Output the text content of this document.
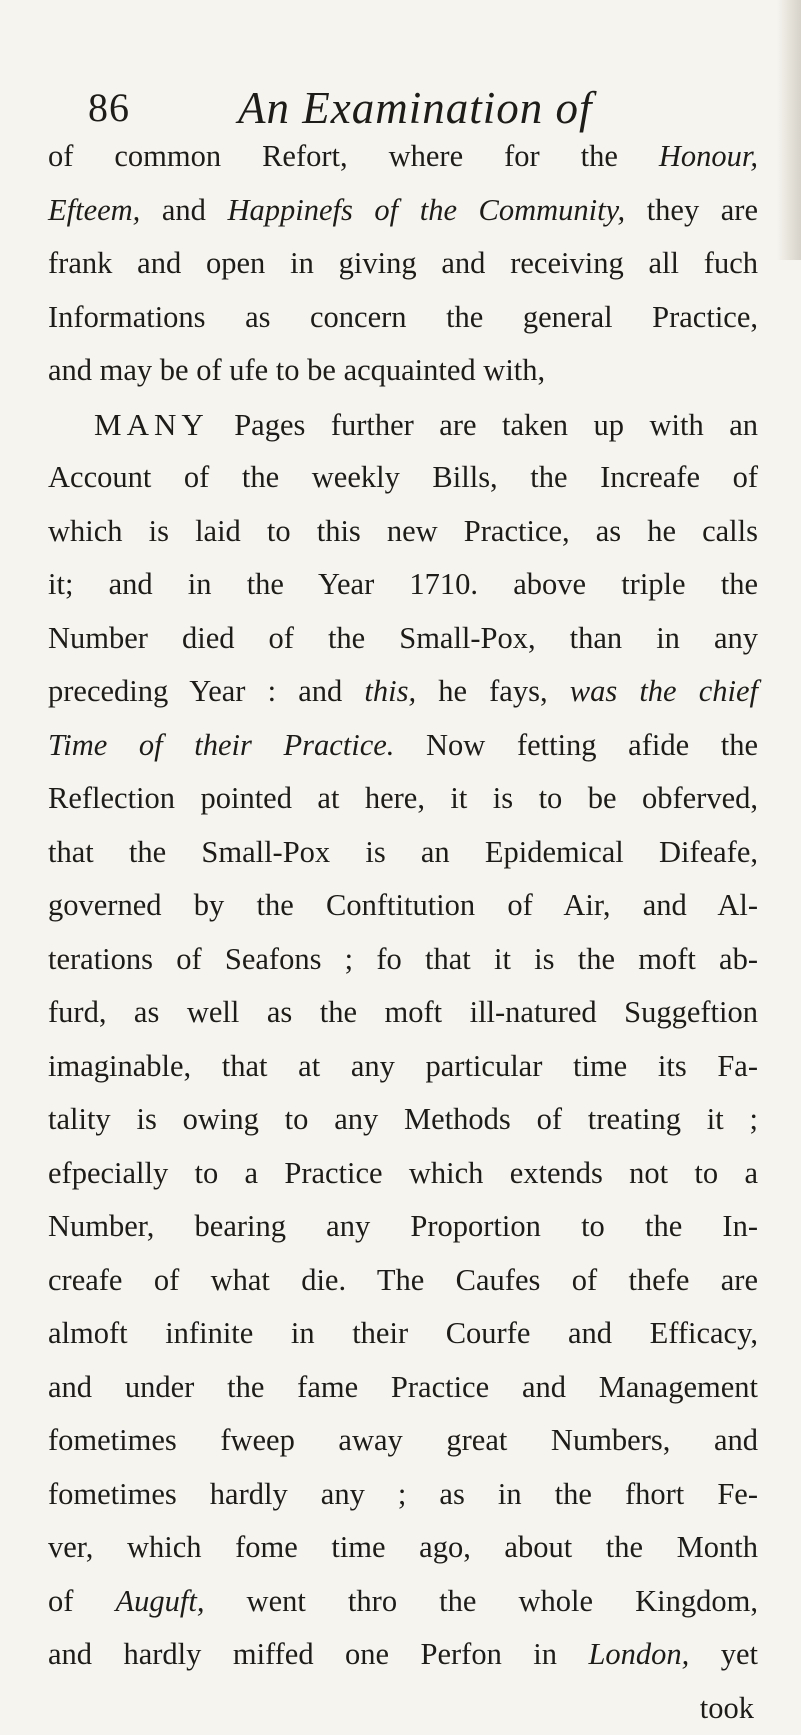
86 An Examination of
of common Refort, where for the Honour,
Efteem, and Happinefs of the Community, they are
frank and open in giving and receiving all fuch
Informations as concern the general Practice,
and may be of ufe to be acquainted with,
MANY Pages further are taken up with an
Account of the weekly Bills, the Increafe of
which is laid to this new Practice, as he calls
it; and in the Year 1710. above triple the
Number died of the Small-Pox, than in any
preceding Year : and this, he fays, was the chief
Time of their Practice. Now fetting afide the
Reflection pointed at here, it is to be obferved,
that the Small-Pox is an Epidemical Difeafe,
governed by the Conftitution of Air, and Al-
terations of Seafons ; fo that it is the moft ab-
furd, as well as the moft ill-natured Suggeftion
imaginable, that at any particular time its Fa-
tality is owing to any Methods of treating it ;
efpecially to a Practice which extends not to a
Number, bearing any Proportion to the In-
creafe of what die. The Caufes of thefe are
almoft infinite in their Courfe and Efficacy,
and under the fame Practice and Management
fometimes fweep away great Numbers, and
fometimes hardly any ; as in the fhort Fe-
ver, which fome time ago, about the Month
of Auguft, went thro the whole Kingdom,
and hardly miffed one Perfon in London, yet
took
